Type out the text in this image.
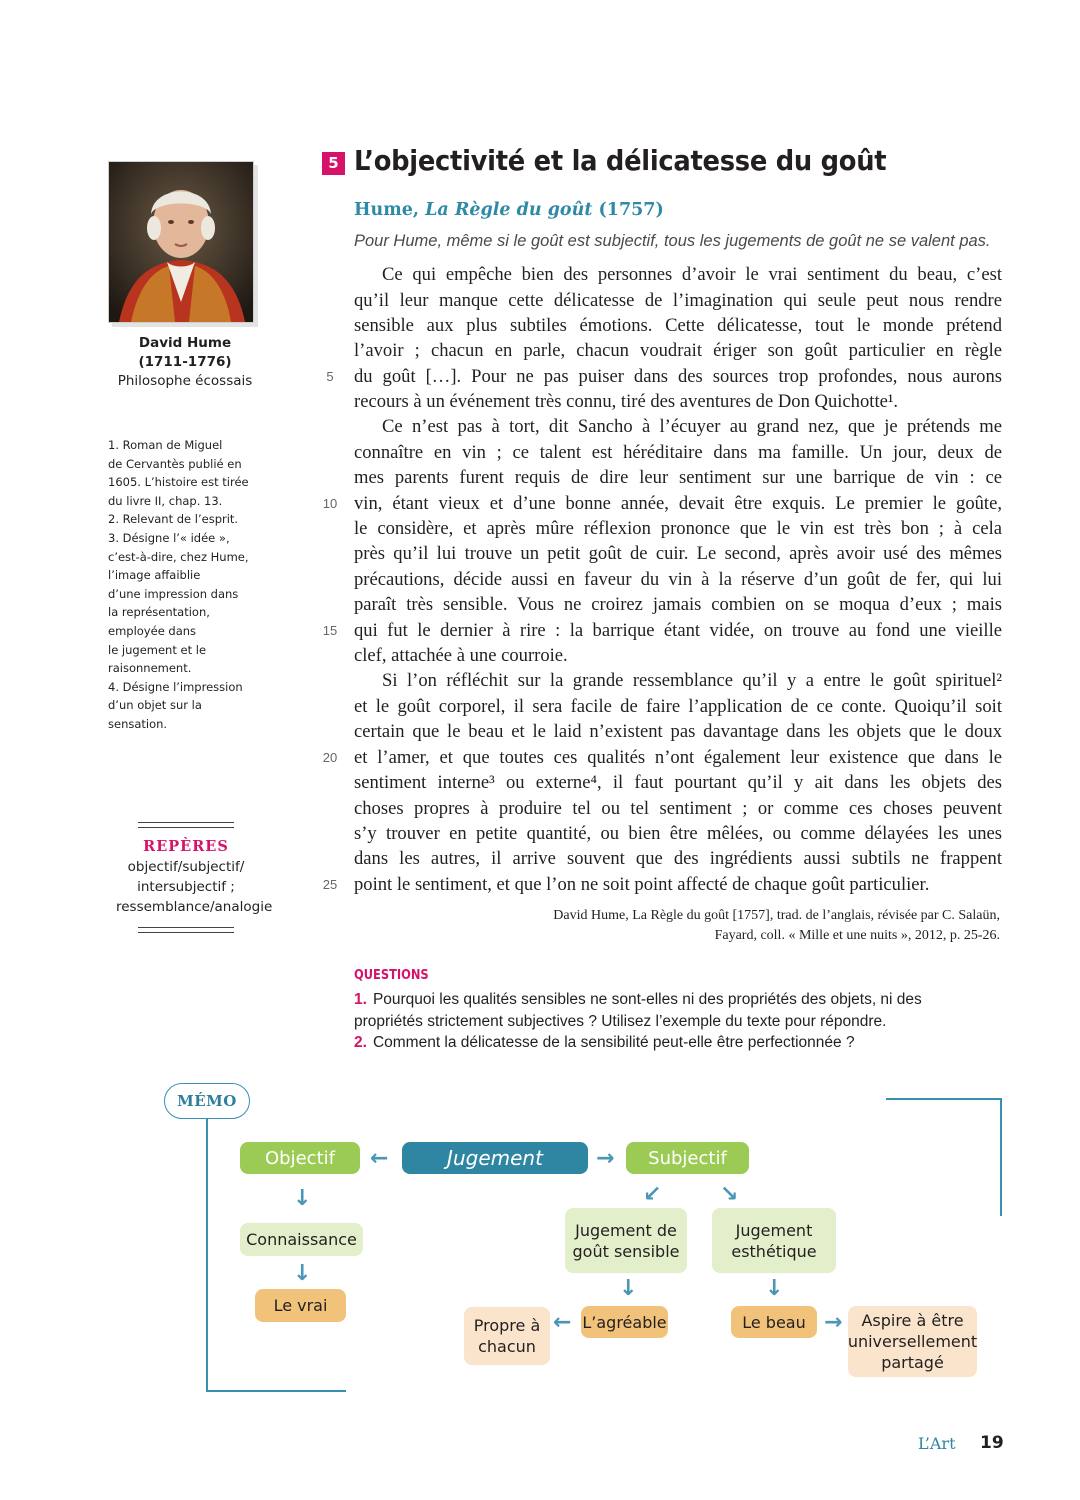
David Hume
(1711-1776)
Philosophe écossais
1. Roman de Miguel
de Cervantès publié en
1605. L’histoire est tirée
du livre II, chap. 13.
2. Relevant de l’esprit.
3. Désigne l’« idée »,
c’est-à-dire, chez Hume,
l’image affaiblie
d’une impression dans
la représentation,
employée dans
le jugement et le
raisonnement.
4. Désigne l’impression
d’un objet sur la
sensation.
REPÈRES
objectif/subjectif/
intersubjectif ;
ressemblance/analogie
5 L’objectivité et la délicatesse du goût
Hume, La Règle du goût (1757)
Pour Hume, même si le goût est subjectif, tous les jugements de goût ne se valent pas.
Ce qui empêche bien des personnes d’avoir le vrai sentiment du beau, c’est
qu’il leur manque cette délicatesse de l’imagination qui seule peut nous rendre
sensible aux plus subtiles émotions. Cette délicatesse, tout le monde prétend
l’avoir ; chacun en parle, chacun voudrait ériger son goût particulier en règle
du goût […]. Pour ne pas puiser dans des sources trop profondes, nous aurons
recours à un événement très connu, tiré des aventures de Don Quichotte¹.
Ce n’est pas à tort, dit Sancho à l’écuyer au grand nez, que je prétends me
connaître en vin ; ce talent est héréditaire dans ma famille. Un jour, deux de
mes parents furent requis de dire leur sentiment sur une barrique de vin : ce
vin, étant vieux et d’une bonne année, devait être exquis. Le premier le goûte,
le considère, et après mûre réflexion prononce que le vin est très bon ; à cela
près qu’il lui trouve un petit goût de cuir. Le second, après avoir usé des mêmes
précautions, décide aussi en faveur du vin à la réserve d’un goût de fer, qui lui
paraît très sensible. Vous ne croirez jamais combien on se moqua d’eux ; mais
qui fut le dernier à rire : la barrique étant vidée, on trouve au fond une vieille
clef, attachée à une courroie.
Si l’on réfléchit sur la grande ressemblance qu’il y a entre le goût spirituel²
et le goût corporel, il sera facile de faire l’application de ce conte. Quoiqu’il soit
certain que le beau et le laid n’existent pas davantage dans les objets que le doux
et l’amer, et que toutes ces qualités n’ont également leur existence que dans le
sentiment interne³ ou externe⁴, il faut pourtant qu’il y ait dans les objets des
choses propres à produire tel ou tel sentiment ; or comme ces choses peuvent
s’y trouver en petite quantité, ou bien être mêlées, ou comme délayées les unes
dans les autres, il arrive souvent que des ingrédients aussi subtils ne frappent
point le sentiment, et que l’on ne soit point affecté de chaque goût particulier.
5
10
15
20
25
David Hume, La Règle du goût [1757], trad. de l’anglais, révisée par C. Salaün,
Fayard, coll. « Mille et une nuits », 2012, p. 25-26.
QUESTIONS
1. Pourquoi les qualités sensibles ne sont-elles ni des propriétés des objets, ni des
propriétés strictement subjectives ? Utilisez l’exemple du texte pour répondre.
2. Comment la délicatesse de la sensibilité peut-elle être perfectionnée ?
MÉMO
Objectif	Jugement	Subjectif
←	→
↓	↙	↘
Connaissance
↓
Le vrai
Jugement de
goût sensible
Jugement
esthétique
↓	↓
L’agréable
←
Propre à
chacun
Le beau → Aspire à être
universellement
partagé
L’Art 19
